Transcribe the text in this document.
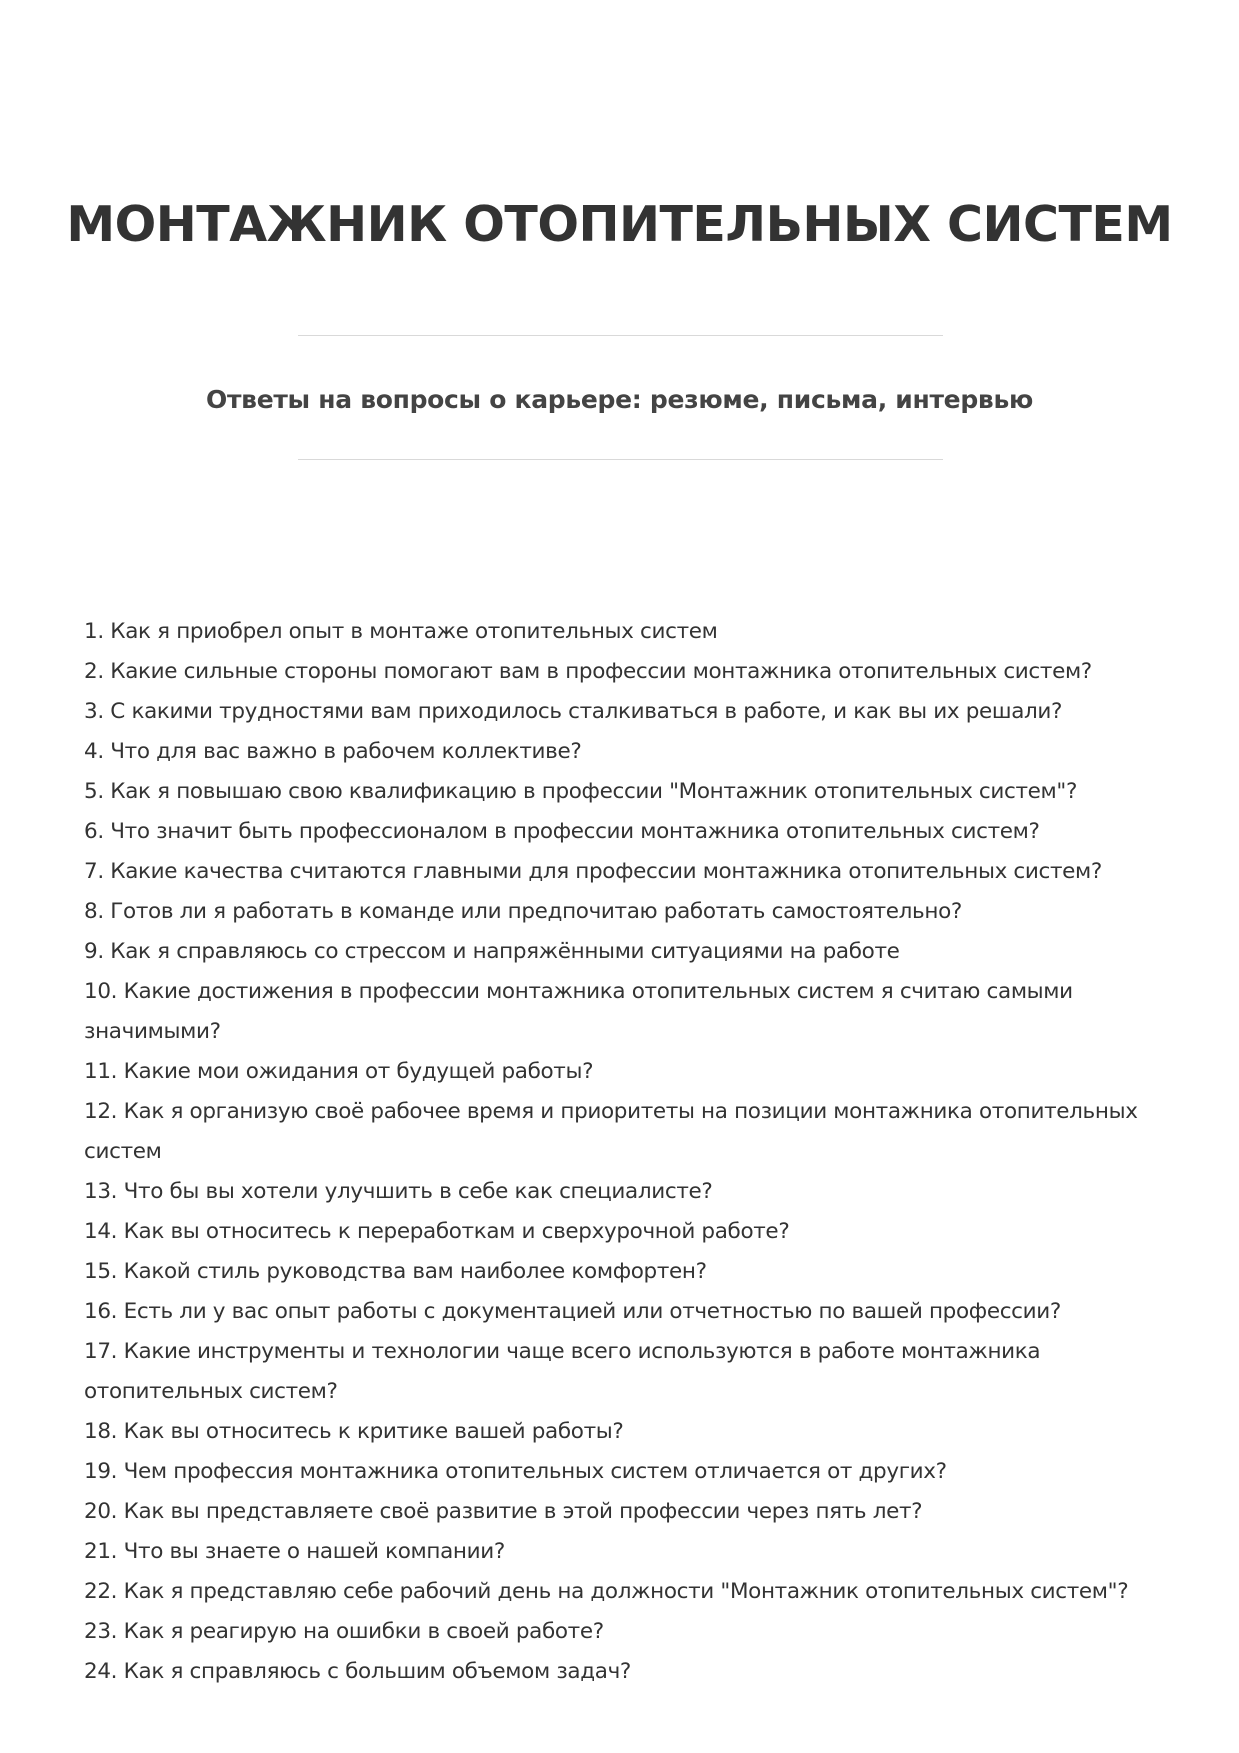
МОНТАЖНИК ОТОПИТЕЛЬНЫХ СИСТЕМ
Ответы на вопросы о карьере: резюме, письма, интервью
1. Как я приобрел опыт в монтаже отопительных систем
2. Какие сильные стороны помогают вам в профессии монтажника отопительных систем?
3. С какими трудностями вам приходилось сталкиваться в работе, и как вы их решали?
4. Что для вас важно в рабочем коллективе?
5. Как я повышаю свою квалификацию в профессии "Монтажник отопительных систем"?
6. Что значит быть профессионалом в профессии монтажника отопительных систем?
7. Какие качества считаются главными для профессии монтажника отопительных систем?
8. Готов ли я работать в команде или предпочитаю работать самостоятельно?
9. Как я справляюсь со стрессом и напряжёнными ситуациями на работе
10. Какие достижения в профессии монтажника отопительных систем я считаю самыми значимыми?
11. Какие мои ожидания от будущей работы?
12. Как я организую своё рабочее время и приоритеты на позиции монтажника отопительных систем
13. Что бы вы хотели улучшить в себе как специалисте?
14. Как вы относитесь к переработкам и сверхурочной работе?
15. Какой стиль руководства вам наиболее комфортен?
16. Есть ли у вас опыт работы с документацией или отчетностью по вашей профессии?
17. Какие инструменты и технологии чаще всего используются в работе монтажника отопительных систем?
18. Как вы относитесь к критике вашей работы?
19. Чем профессия монтажника отопительных систем отличается от других?
20. Как вы представляете своё развитие в этой профессии через пять лет?
21. Что вы знаете о нашей компании?
22. Как я представляю себе рабочий день на должности "Монтажник отопительных систем"?
23. Как я реагирую на ошибки в своей работе?
24. Как я справляюсь с большим объемом задач?
